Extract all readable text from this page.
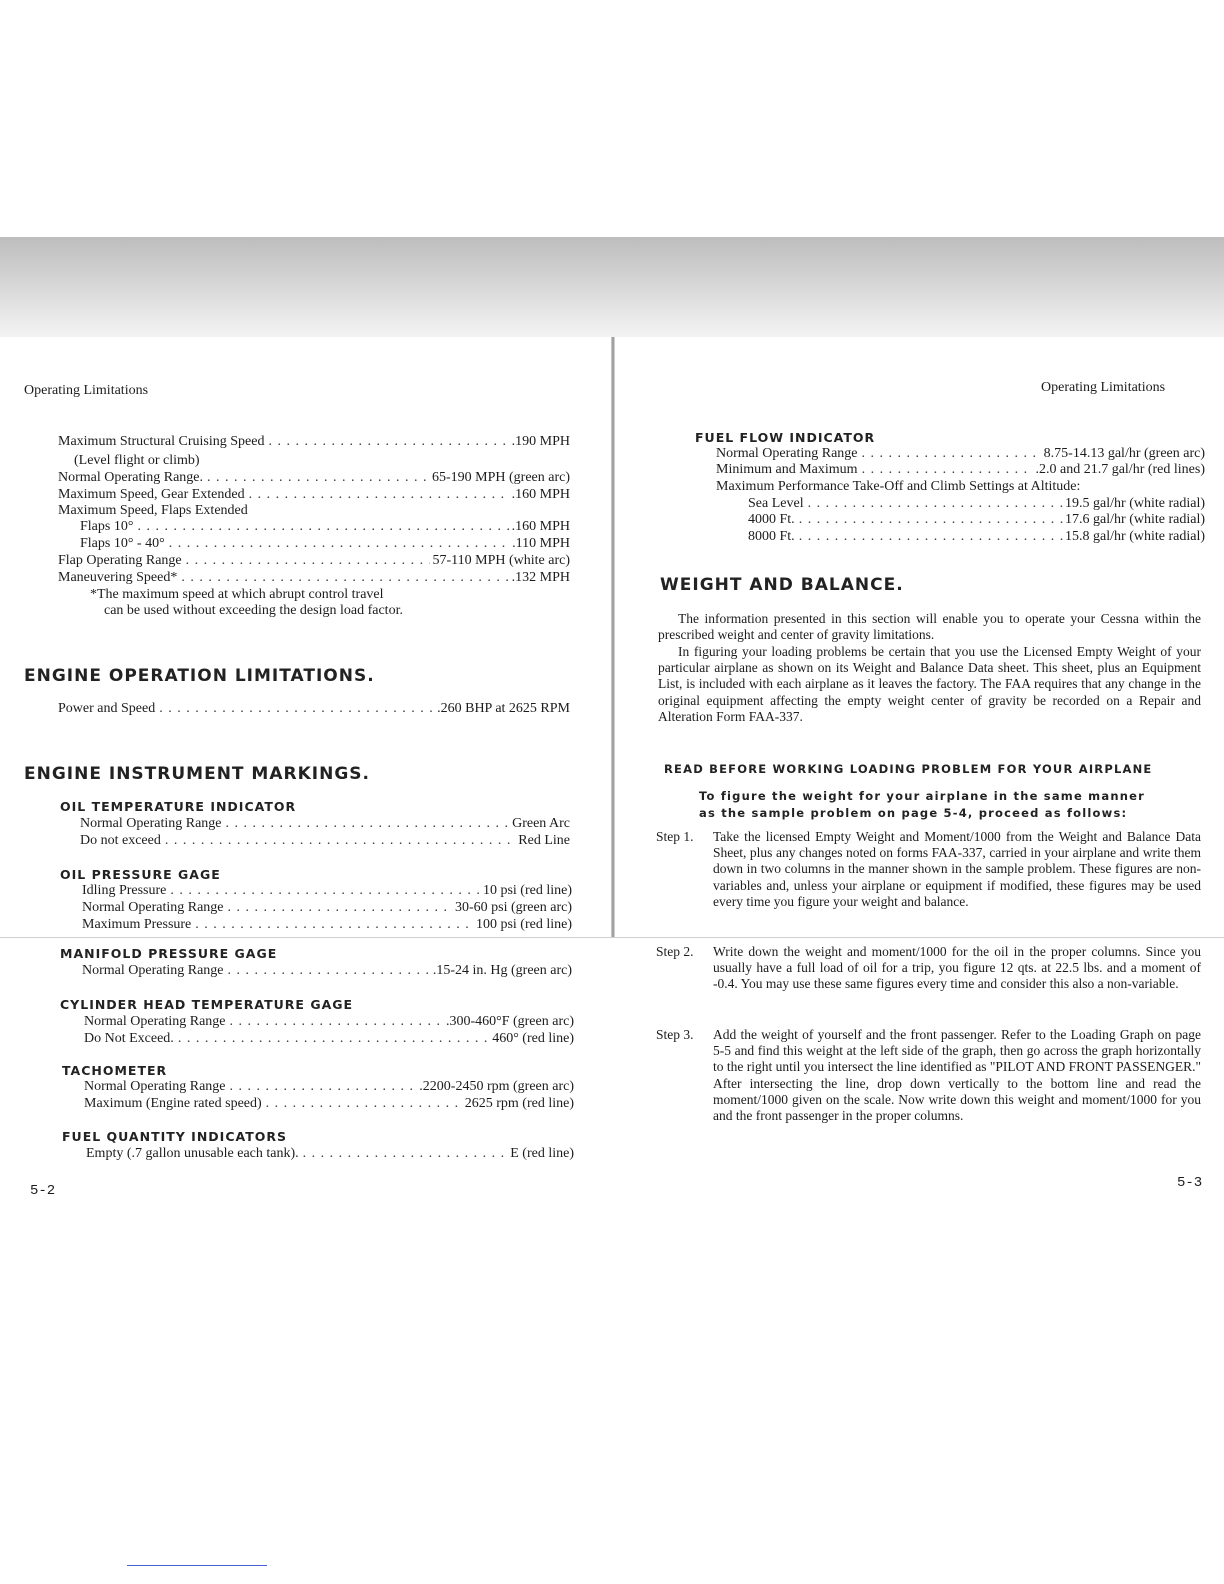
Operating Limitations
Maximum Structural Cruising Speed . . .	.190 MPH
(Level flight or climb)
Normal Operating Range. . . .	65-190 MPH (green arc)
Maximum Speed, Gear Extended . . .	.160 MPH
Maximum Speed, Flaps Extended
Flaps 10° . . .	.160 MPH
Flaps 10° - 40° . . .	.110 MPH
Flap Operating Range . . .	57-110 MPH (white arc)
Maneuvering Speed* . . .	.132 MPH
*The maximum speed at which abrupt control travel
can be used without exceeding the design load factor.
ENGINE OPERATION LIMITATIONS.
Power and Speed . . .	.260 BHP at 2625 RPM
ENGINE INSTRUMENT MARKINGS.
OIL TEMPERATURE INDICATOR
Normal Operating Range . . .	Green Arc
Do not exceed . . .	Red Line
OIL PRESSURE GAGE
Idling Pressure . . .	10 psi (red line)
Normal Operating Range . . .	30-60 psi (green arc)
Maximum Pressure . . .	100 psi (red line)
MANIFOLD PRESSURE GAGE
Normal Operating Range . . .	.15-24 in. Hg (green arc)
CYLINDER HEAD TEMPERATURE GAGE
Normal Operating Range . . .	.300-460°F (green arc)
Do Not Exceed. . . .	460° (red line)
TACHOMETER
Normal Operating Range . . .	.2200-2450 rpm (green arc)
Maximum (Engine rated speed) . . .	2625 rpm (red line)
FUEL QUANTITY INDICATORS
Empty (.7 gallon unusable each tank). . . .	E (red line)
5-2
Operating Limitations
FUEL FLOW INDICATOR
Normal Operating Range . . .	8.75-14.13 gal/hr (green arc)
Minimum and Maximum . . .	.2.0 and 21.7 gal/hr (red lines)
Maximum Performance Take-Off and Climb Settings at Altitude:
Sea Level . . .	19.5 gal/hr (white radial)
4000 Ft. . . .	17.6 gal/hr (white radial)
8000 Ft. . . .	15.8 gal/hr (white radial)
WEIGHT AND BALANCE.
The information presented in this section will enable you to operate your Cessna within the prescribed weight and center of gravity limitations.
In figuring your loading problems be certain that you use the Licensed Empty Weight of your particular airplane as shown on its Weight and Balance Data sheet. This sheet, plus an Equipment List, is included with each airplane as it leaves the factory. The FAA requires that any change in the original equipment affecting the empty weight center of gravity be recorded on a Repair and Alteration Form FAA-337.
READ BEFORE WORKING LOADING PROBLEM FOR YOUR AIRPLANE
To figure the weight for your airplane in the same manner
as the sample problem on page 5-4, proceed as follows:
Step 1.	Take the licensed Empty Weight and Moment/1000 from the Weight and Balance Data Sheet, plus any changes noted on forms FAA-337, carried in your airplane and write them down in two columns in the manner shown in the sample problem. These figures are non-variables and, unless your airplane or equipment if modified, these figures may be used every time you figure your weight and balance.
Step 2.	Write down the weight and moment/1000 for the oil in the proper columns. Since you usually have a full load of oil for a trip, you figure 12 qts. at 22.5 lbs. and a moment of -0.4. You may use these same figures every time and consider this also a non-variable.
Step 3.	Add the weight of yourself and the front passenger. Refer to the Loading Graph on page 5-5 and find this weight at the left side of the graph, then go across the graph horizontally to the right until you intersect the line identified as "PILOT AND FRONT PASSENGER." After intersecting the line, drop down vertically to the bottom line and read the moment/1000 given on the scale. Now write down this weight and moment/1000 for you and the front passenger in the proper columns.
5-3
